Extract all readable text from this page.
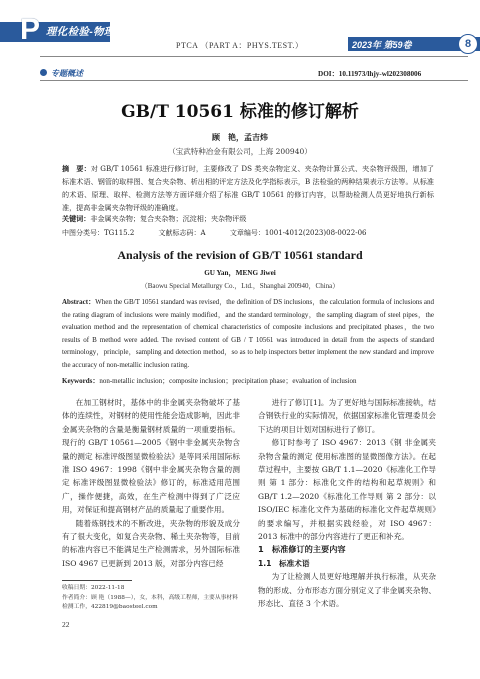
P 理化检验-物理分册
PTCA （PART A：PHYS.TEST.）	2023年 第59卷	8
专题概述	DOI：10.11973/lhjy-wl202308006
GB/T 10561 标准的修订解析
顾　艳，孟吉炜
（宝武特种冶金有限公司，上海 200940）
摘　要：对 GB/T 10561 标准进行修订时，主要修改了 DS 类夹杂物定义、夹杂物计算公式、夹杂物评级图，增加了标准术语、钢管的取样图、复合夹杂物、析出相的评定方法及化学指标表示，B 法检验的两种结果表示方法等。从标准的术语、原理、取样、检测方法等方面详细介绍了标准 GB/T 10561 的修订内容，以帮助检测人员更好地执行新标准，提高非金属夹杂物评级的准确度。
关键词：非金属夹杂物；复合夹杂物；沉淀相；夹杂物评级
中图分类号：TG115.2	文献标志码：A	文章编号：1001-4012(2023)08-0022-06
Analysis of the revision of GB/T 10561 standard
GU Yan，MENG Jiwei
（Baowu Special Metallurgy Co.，Ltd.，Shanghai 200940，China）
Abstract：When the GB/T 10561 standard was revised，the definition of DS inclusions，the calculation formula of inclusions and the rating diagram of inclusions were mainly modified，and the standard terminology，the sampling diagram of steel pipes，the evaluation method and the representation of chemical characteristics of composite inclusions and precipitated phases，the two results of B method were added. The revised content of GB / T 10561 was introduced in detail from the aspects of standard terminology，principle，sampling and detection method，so as to help inspectors better implement the new standard and improve the accuracy of non-metallic inclusion rating.
Keywords：non-metallic inclusion；composite inclusion；precipitation phase；evaluation of inclusion

在加工钢材时，基体中的非金属夹杂物破坏了基体的连续性，对钢材的使用性能会造成影响，因此非金属夹杂物的含量是衡量钢材质量的一项重要指标。现行的 GB/T 10561—2005《钢中非金属夹杂物含量的测定 标准评级图显微检验法》是等同采用国际标准 ISO 4967：1998《钢中非金属夹杂物含量的测定 标准评级图显微检验法》修订的，标准适用范围广，操作便捷，高效，在生产检测中得到了广泛应用，对保证和提高钢材产品的质量起了重要作用。

随着炼钢技术的不断改进，夹杂物的形貌及成分有了很大变化，如复合夹杂物、稀土夹杂物等，目前的标准内容已不能满足生产检测需求，另外国际标准 ISO 4967 已更新到 2013 版，对部分内容已经

进行了修订[1]。为了更好地与国际标准接轨，结合钢铁行业的实际情况，依据国家标准化管理委员会下达的项目计划对国标进行了修订。

修订时参考了 ISO 4967：2013《钢 非金属夹杂物含量的测定 使用标准图的显微图像方法》。在起草过程中，主要按 GB/T 1.1—2020《标准化工作导则 第 1 部分：标准化文件的结构和起草规则》和 GB/T 1.2—2020《标准化工作导则 第 2 部分：以 ISO/IEC 标准化文件为基础的标准化文件起草规则》的要求编写，并根据实践经验，对 ISO 4967：2013 标准中的部分内容进行了更正和补充。

1　标准修订的主要内容

1.1　标准术语

为了让检测人员更好地理解并执行标准，从夹杂物的形成、分布形态方面分别定义了非金属夹杂物、形态比、直径 3 个术语。

收稿日期：2022-11-18
作者简介：顾 艳（1988—），女，本科，高级工程师，主要从事材料检测工作，422819@baosteel.com
22
